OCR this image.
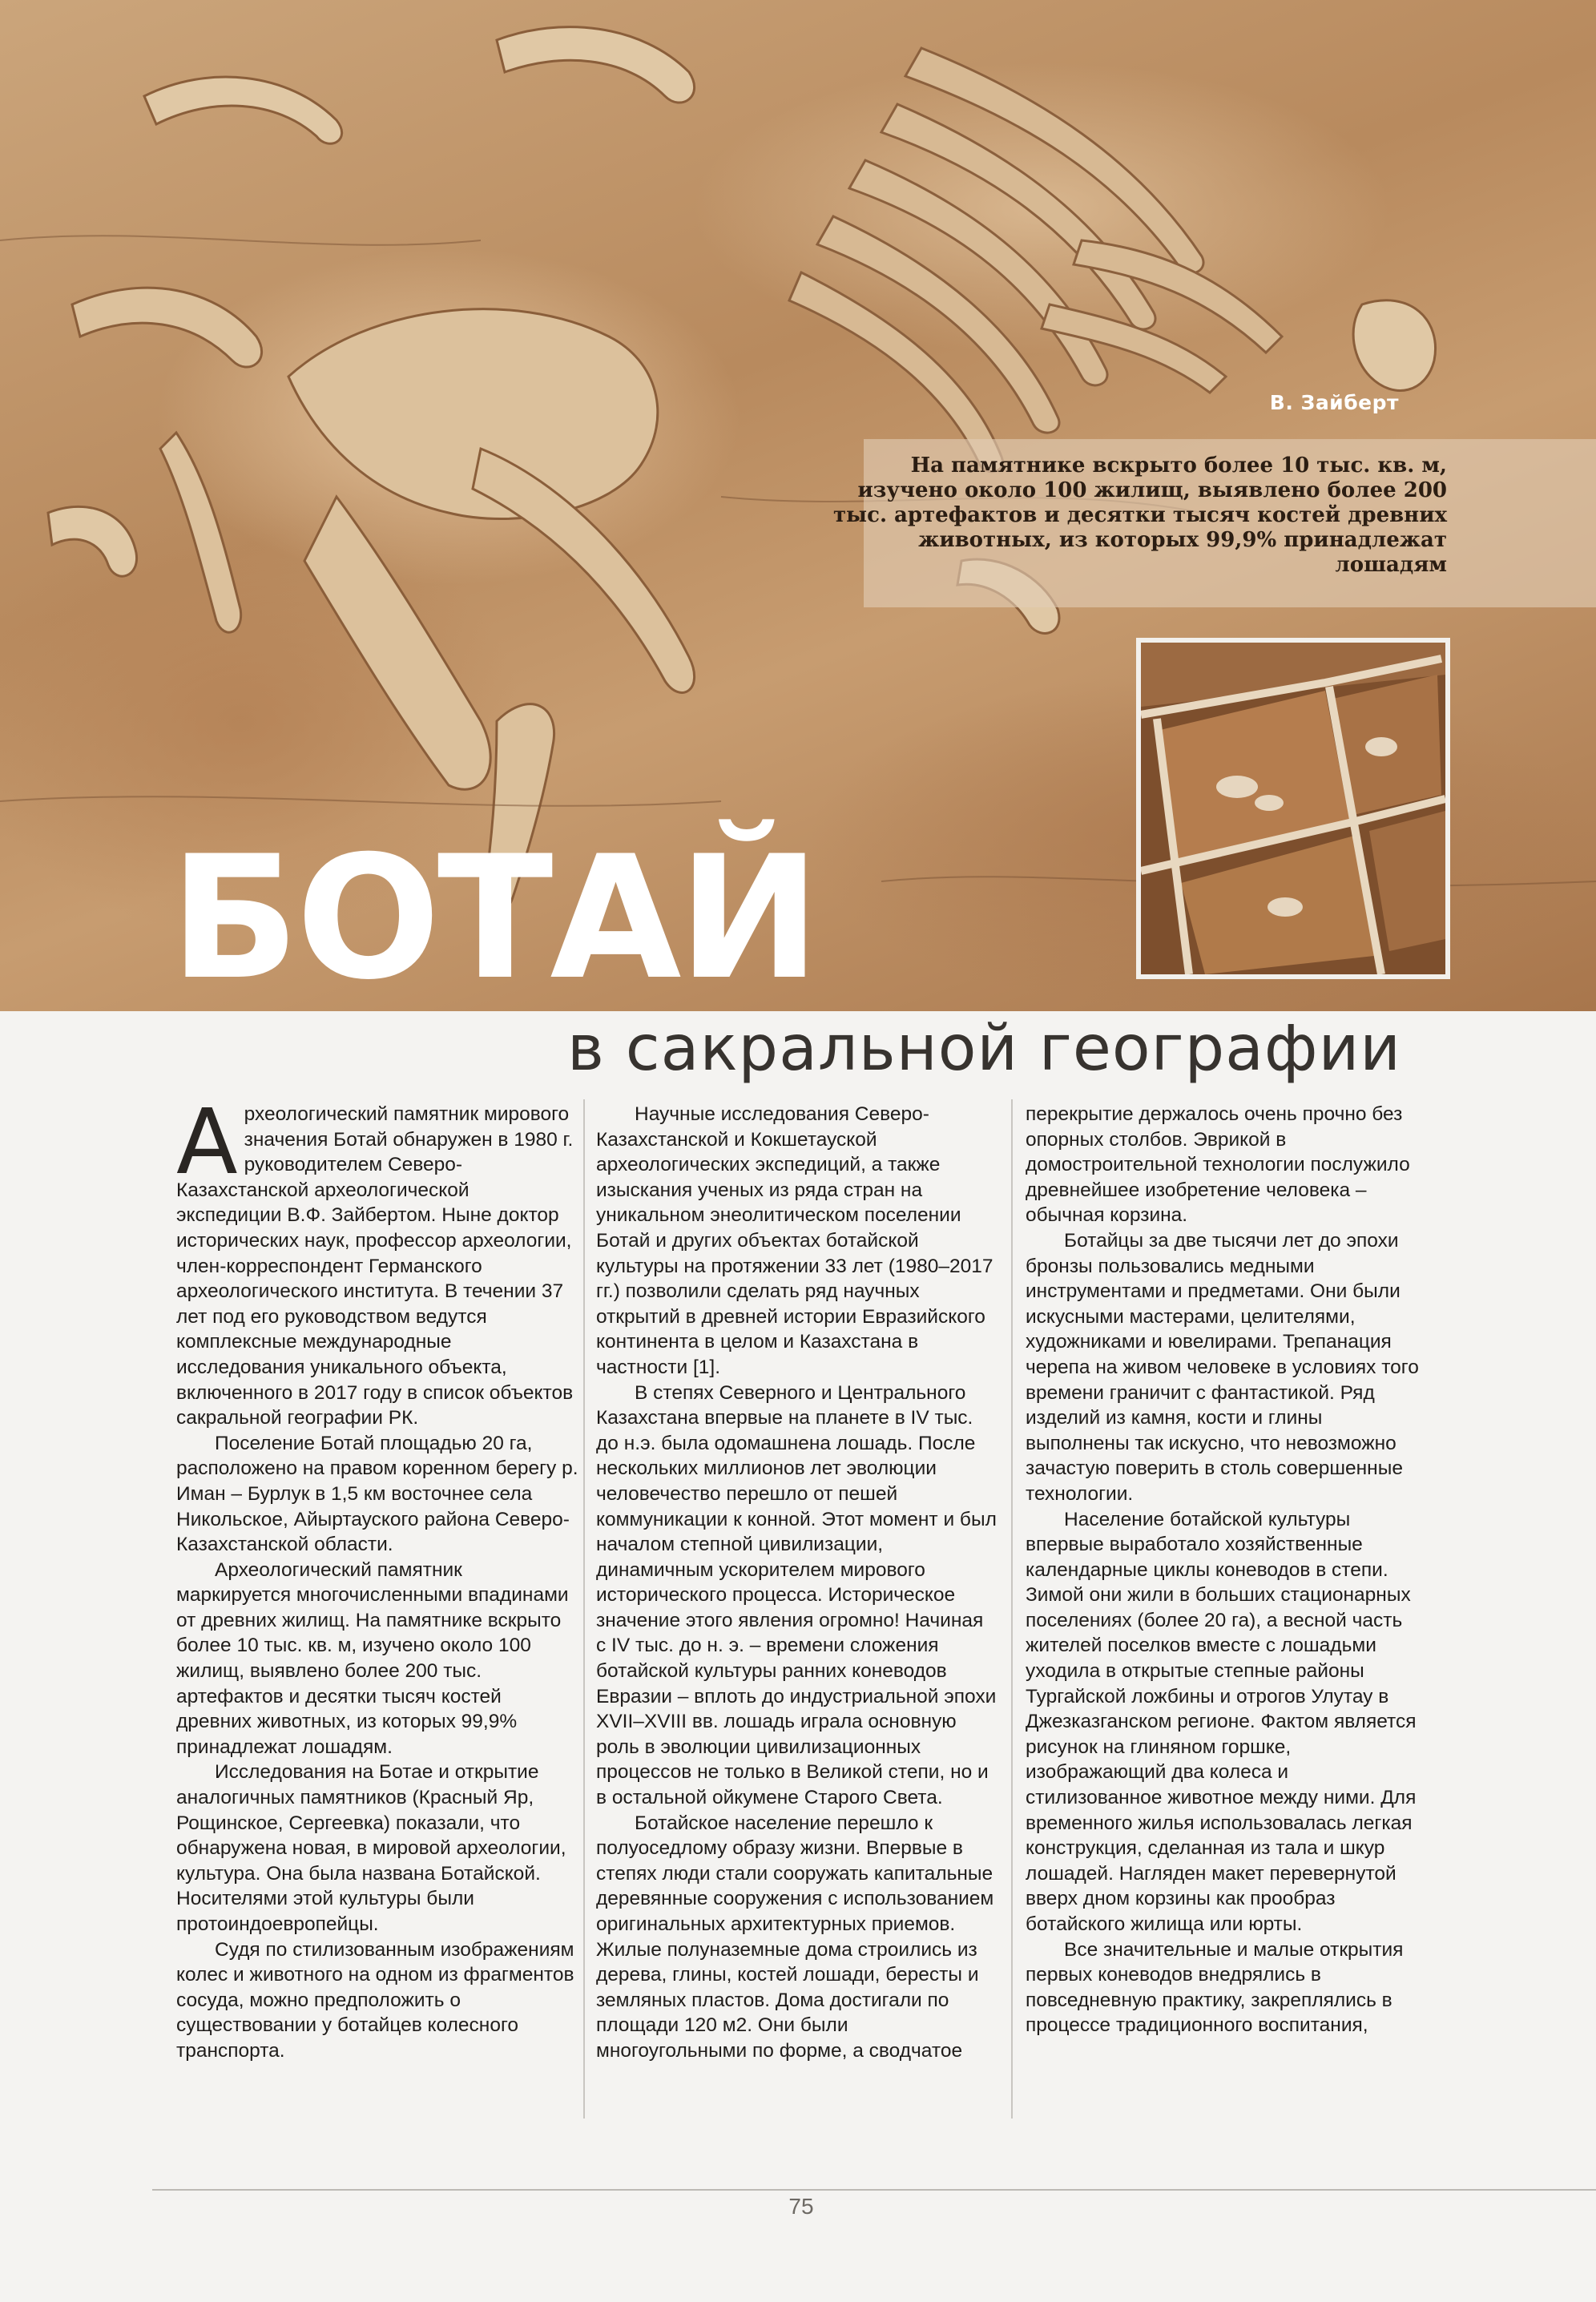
В. Зайберт
На памятнике вскрыто более 10 тыс. кв. м, изучено около 100 жилищ, выявлено более 200 тыс. артефактов и десятки тысяч костей древних животных, из которых 99,9% принадлежат лошадям
БОТАЙ
в сакральной географии

Археологический памятник мирового значения Ботай обнаружен в 1980 г. руководителем Северо-Казахстанской археологической экспедиции В.Ф. Зайбертом. Ныне доктор исторических наук, профессор археологии, член-корреспондент Германского археологического института. В течении 37 лет под его руководством ведутся комплексные международные исследования уникального объекта, включенного в 2017 году в список объектов сакральной географии РК.

Поселение Ботай площадью 20 га, расположено на правом коренном берегу р. Иман – Бурлук в 1,5 км восточнее села Никольское, Айыртауского района Северо-Казахстанской области.

Археологический памятник маркируется многочисленными впадинами от древних жилищ. На памятнике вскрыто более 10 тыс. кв. м, изучено около 100 жилищ, выявлено более 200 тыс. артефактов и десятки тысяч костей древних животных, из которых 99,9% принадлежат лошадям.

Исследования на Ботае и открытие аналогичных памятников (Красный Яр, Рощинское, Сергеевка) показали, что обнаружена новая, в мировой археологии, культура. Она была названа Ботайской. Носителями этой культуры были протоиндоевропейцы.

Судя по стилизованным изображениям колес и животного на одном из фрагментов сосуда, можно предположить о существовании у ботайцев колесного транспорта.

Научные исследования Северо-Казахстанской и Кокшетауской археологических экспедиций, а также изыскания ученых из ряда стран на уникальном энеолитическом поселении Ботай и других объектах ботайской культуры на протяжении 33 лет (1980–2017 гг.) позволили сделать ряд научных открытий в древней истории Евразийского континента в целом и Казахстана в частности [1].

В степях Северного и Центрального Казахстана впервые на планете в IV тыс. до н.э. была одомашнена лошадь. После нескольких миллионов лет эволюции человечество перешло от пешей коммуникации к конной. Этот момент и был началом степной цивилизации, динамичным ускорителем мирового исторического процесса. Историческое значение этого явления огромно! Начиная с IV тыс. до н. э. – времени сложения ботайской культуры ранних коневодов Евразии – вплоть до индустриальной эпохи XVII–XVIII вв. лошадь играла основную роль в эволюции цивилизационных процессов не только в Великой степи, но и в остальной ойкумене Старого Света.

Ботайское население перешло к полуоседлому образу жизни. Впервые в степях люди стали сооружать капитальные деревянные сооружения с использованием оригинальных архитектурных приемов. Жилые полуназемные дома строились из дерева, глины, костей лошади, бересты и земляных пластов. Дома достигали по площади 120 м2. Они были многоугольными по форме, а сводчатое

перекрытие держалось очень прочно без опорных столбов. Эврикой в домостроительной технологии послужило древнейшее изобретение человека – обычная корзина.

Ботайцы за две тысячи лет до эпохи бронзы пользовались медными инструментами и предметами. Они были искусными мастерами, целителями, художниками и ювелирами. Трепанация черепа на живом человеке в условиях того времени граничит с фантастикой. Ряд изделий из камня, кости и глины выполнены так искусно, что невозможно зачастую поверить в столь совершенные технологии.

Население ботайской культуры впервые выработало хозяйственные календарные циклы коневодов в степи. Зимой они жили в больших стационарных поселениях (более 20 га), а весной часть жителей поселков вместе с лошадьми уходила в открытые степные районы Тургайской ложбины и отрогов Улутау в Джезказганском регионе. Фактом является рисунок на глиняном горшке, изображающий два колеса и стилизованное животное между ними. Для временного жилья использовалась легкая конструкция, сделанная из тала и шкур лошадей. Нагляден макет перевернутой вверх дном корзины как прообраз ботайского жилища или юрты.

Все значительные и малые открытия первых коневодов внедрялись в повседневную практику, закреплялись в процессе традиционного воспитания,

75
